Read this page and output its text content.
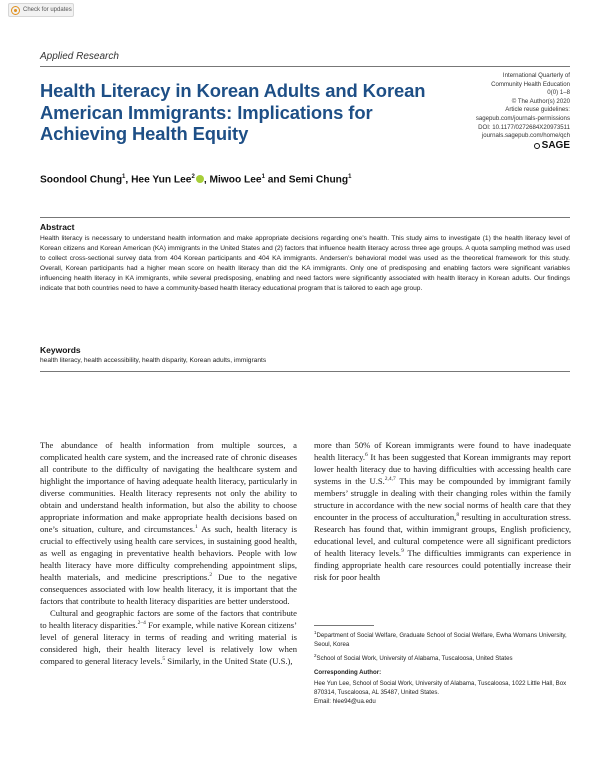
Check for updates
Applied Research
Health Literacy in Korean Adults and Korean American Immigrants: Implications for Achieving Health Equity
International Quarterly of
Community Health Education
0(0) 1–8
© The Author(s) 2020
Article reuse guidelines:
sagepub.com/journals-permissions
DOI: 10.1177/0272684X20973511
journals.sagepub.com/home/qch
SAGE
Soondool Chung$^1$, Hee Yun Lee$^2$ , Miwoo Lee$^1$ and Semi Chung$^1$
Abstract

Health literacy is necessary to understand health information and make appropriate decisions regarding one’s health. This study aims to investigate (1) the health literacy level of Korean citizens and Korean American (KA) immigrants in the United States and (2) factors that influence health literacy across three age groups. A quota sampling method was used to collect cross-sectional survey data from 404 Korean participants and 404 KA immigrants. Andersen’s behavioral model was used as the theoretical framework for this study. Overall, Korean participants had a higher mean score on health literacy than did the KA immigrants. Only one of predisposing and enabling factors were significant variables influencing health literacy in KA immigrants, while several predisposing, enabling and need factors were significantly associated with health literacy in Korean adults. Our findings indicate that both countries need to have a community-based health literacy educational program that is tailored to each age group.

Keywords
health literacy, health accessibility, health disparity, Korean adults, immigrants

The abundance of health information from multiple sources, a complicated health care system, and the increased rate of chronic diseases all contribute to the difficulty of navigating the healthcare system and highlight the importance of having adequate health literacy, particularly in diverse communities. Health literacy represents not only the ability to obtain and understand health information, but also the ability to choose appropriate information and make appropriate health decisions based on one’s situation, culture, and circumstances.$^1$ As such, health literacy is crucial to effectively using health care services, in sustaining good health, as well as engaging in preventative health behaviors. People with low health literacy have more difficulty comprehending appointment slips, health materials, and medicine prescriptions.$^2$ Due to the negative consequences associated with low health literacy, it is important that the factors that contribute to health literacy disparities are better understood.

Cultural and geographic factors are some of the factors that contribute to health literacy disparities.$^{2-4}$ For example, while native Korean citizens’ level of general literacy in terms of reading and writing material is considered high, their health literacy level is relatively low when compared to general literacy levels.$^5$ Similarly, in the United State (U.S.),

more than 50% of Korean immigrants were found to have inadequate health literacy.$^6$ It has been suggested that Korean immigrants may report lower health literacy due to having difficulties with accessing health care systems in the U.S.$^{2,4,7}$ This may be compounded by immigrant family members’ struggle in dealing with their changing roles within the family structure in accordance with the new social norms of health care that they encounter in the process of acculturation,$^8$ resulting in acculturation stress. Research has found that, within immigrant groups, English proficiency, educational level, and cultural competence were all significant predictors of health literacy levels.$^9$ The difficulties immigrants can experience in finding appropriate health care resources could potentially increase their risk for poor health

$^1$Department of Social Welfare, Graduate School of Social Welfare, Ewha Womans University, Seoul, Korea

$^2$School of Social Work, University of Alabama, Tuscaloosa, United States

Corresponding Author:

Hee Yun Lee, School of Social Work, University of Alabama, Tuscaloosa, 1022 Little Hall, Box 870314, Tuscaloosa, AL 35487, United States.
Email: hlee94@ua.edu
